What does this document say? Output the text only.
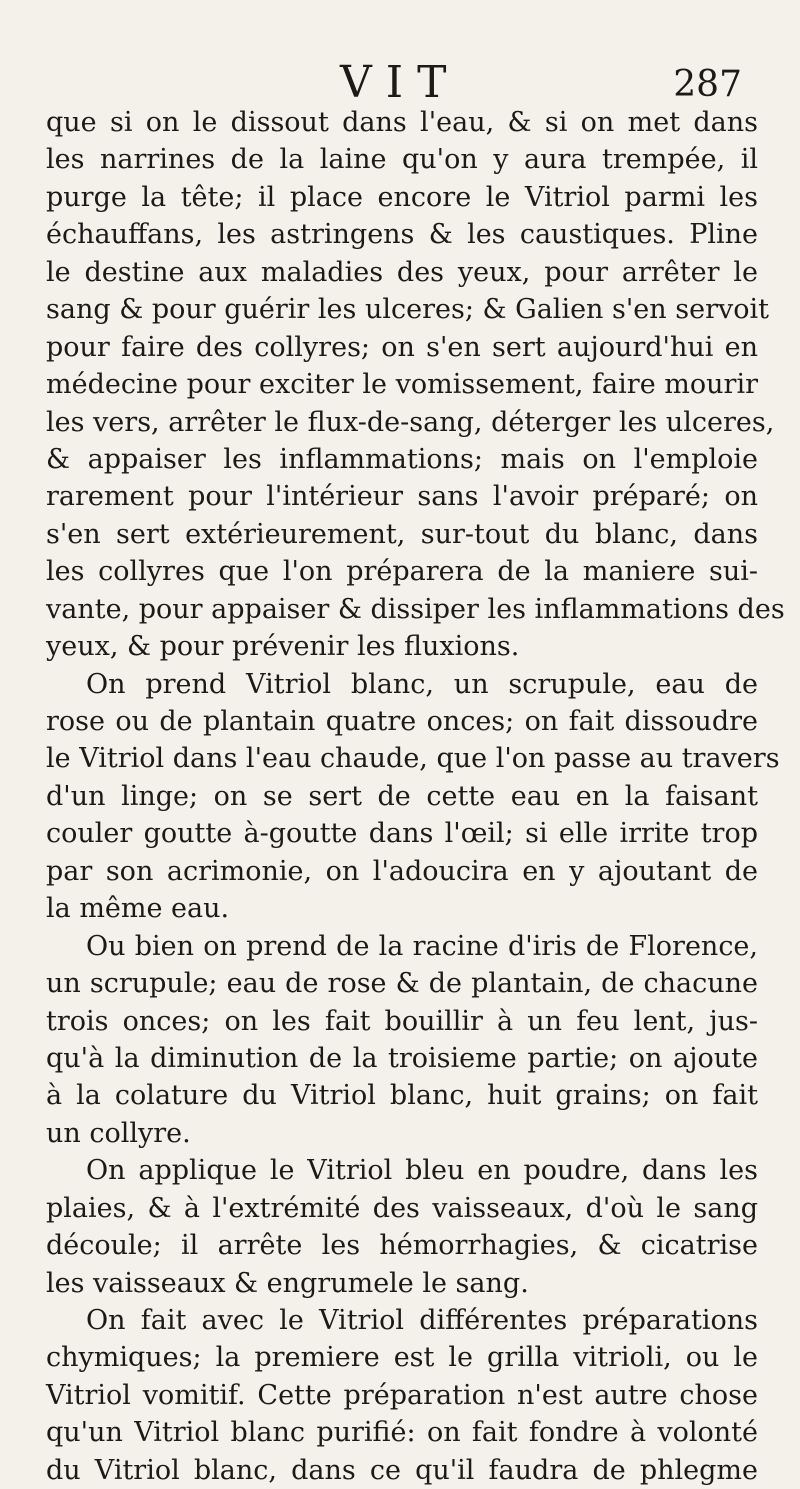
VIT	287
que si on le dissout dans l'eau, & si on met dans
les narrines de la laine qu'on y aura trempée, il
purge la tête; il place encore le Vitriol parmi les
échauffans, les astringens & les caustiques. Pline
le destine aux maladies des yeux, pour arrêter le
sang & pour guérir les ulceres; & Galien s'en servoit
pour faire des collyres; on s'en sert aujourd'hui en
médecine pour exciter le vomissement, faire mourir
les vers, arrêter le flux-de-sang, déterger les ulceres,
& appaiser les inflammations; mais on l'emploie
rarement pour l'intérieur sans l'avoir préparé; on
s'en sert extérieurement, sur-tout du blanc, dans
les collyres que l'on préparera de la maniere sui-
vante, pour appaiser & dissiper les inflammations des
yeux, & pour prévenir les fluxions.
On prend Vitriol blanc, un scrupule, eau de
rose ou de plantain quatre onces; on fait dissoudre
le Vitriol dans l'eau chaude, que l'on passe au travers
d'un linge; on se sert de cette eau en la faisant
couler goutte à-goutte dans l'œil; si elle irrite trop
par son acrimonie, on l'adoucira en y ajoutant de
la même eau.
Ou bien on prend de la racine d'iris de Florence,
un scrupule; eau de rose & de plantain, de chacune
trois onces; on les fait bouillir à un feu lent, jus-
qu'à la diminution de la troisieme partie; on ajoute
à la colature du Vitriol blanc, huit grains; on fait
un collyre.
On applique le Vitriol bleu en poudre, dans les
plaies, & à l'extrémité des vaisseaux, d'où le sang
découle; il arrête les hémorrhagies, & cicatrise
les vaisseaux & engrumele le sang.
On fait avec le Vitriol différentes préparations
chymiques; la premiere est le grilla vitrioli, ou le
Vitriol vomitif. Cette préparation n'est autre chose
qu'un Vitriol blanc purifié: on fait fondre à volonté
du Vitriol blanc, dans ce qu'il faudra de phlegme
